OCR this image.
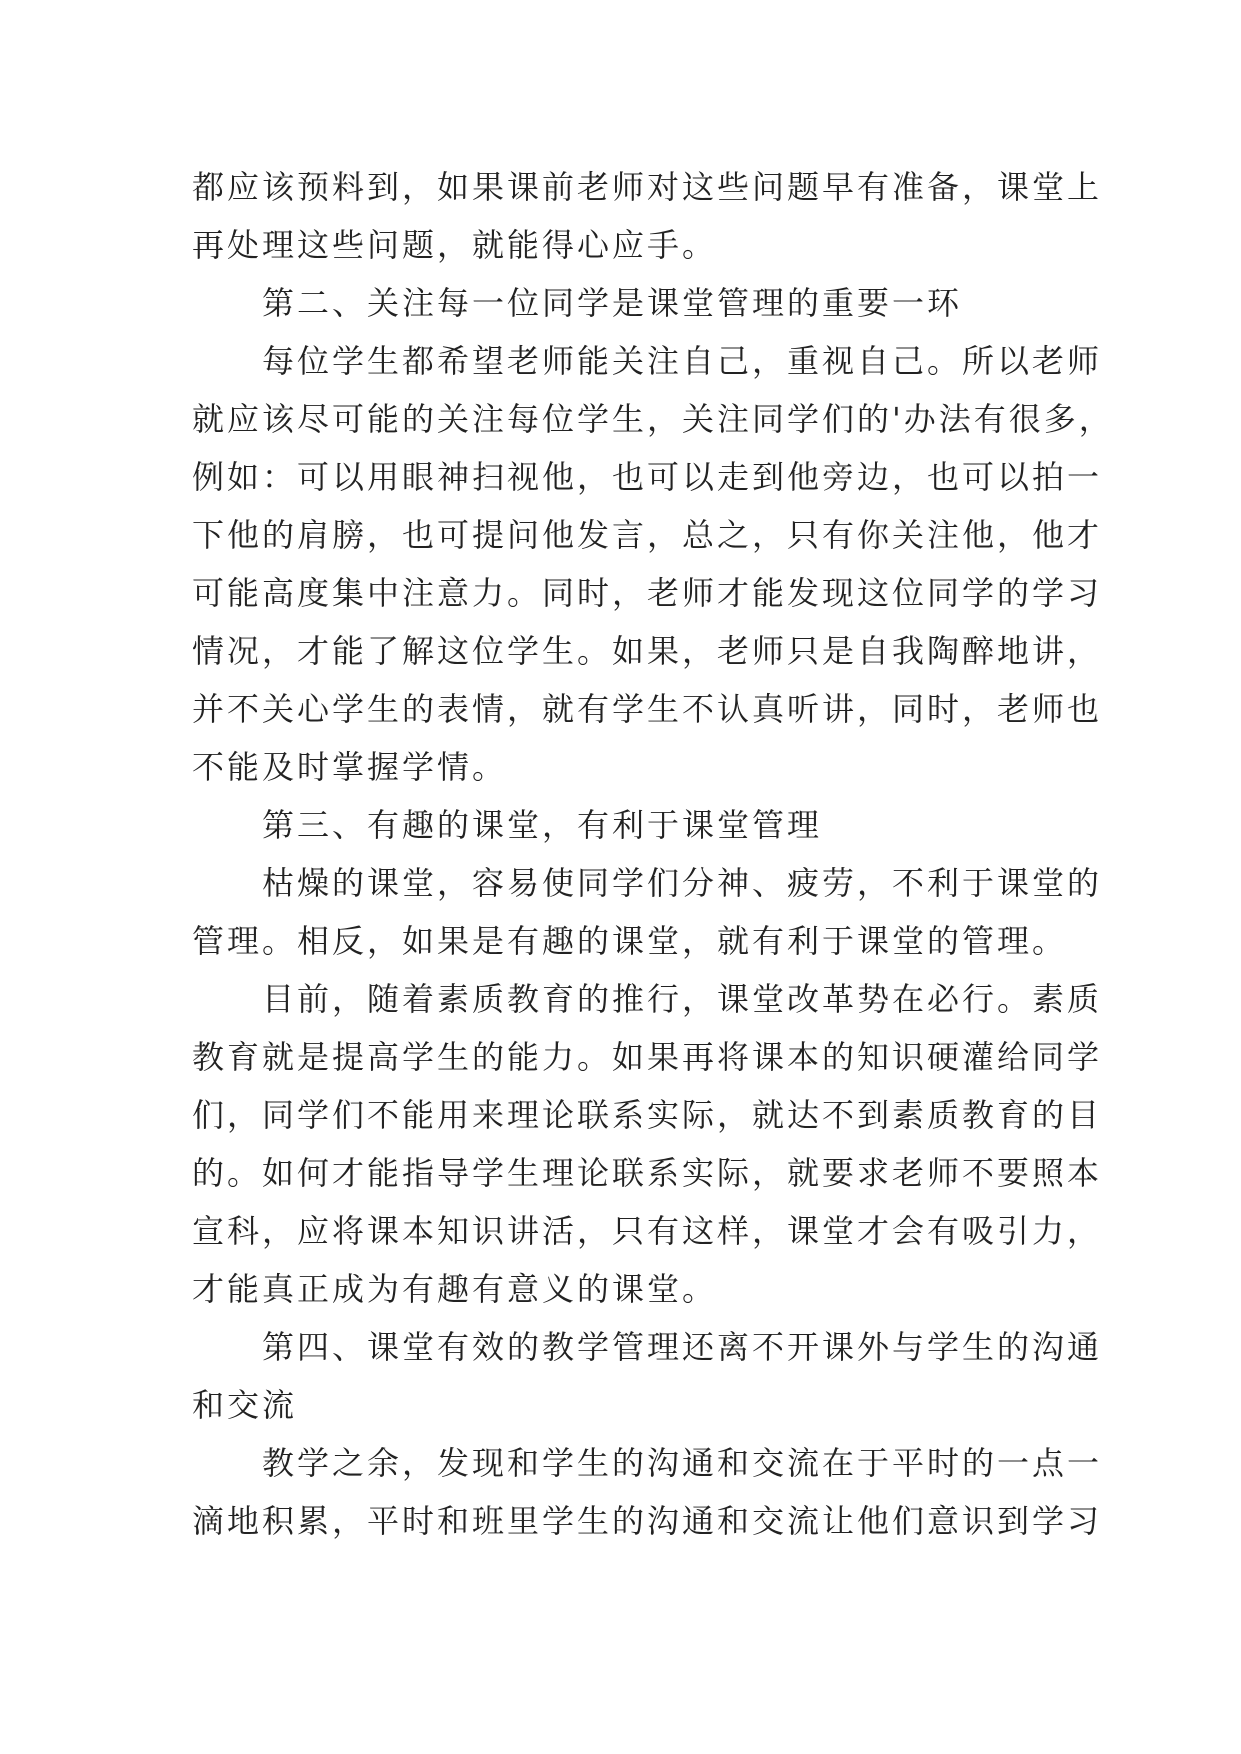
都应该预料到，如果课前老师对这些问题早有准备，课堂上
再处理这些问题，就能得心应手。
第二、关注每一位同学是课堂管理的重要一环
每位学生都希望老师能关注自己，重视自己。所以老师
就应该尽可能的关注每位学生，关注同学们的'办法有很多，
例如：可以用眼神扫视他，也可以走到他旁边，也可以拍一
下他的肩膀，也可提问他发言，总之，只有你关注他，他才
可能高度集中注意力。同时，老师才能发现这位同学的学习
情况，才能了解这位学生。如果，老师只是自我陶醉地讲，
并不关心学生的表情，就有学生不认真听讲，同时，老师也
不能及时掌握学情。
第三、有趣的课堂，有利于课堂管理
枯燥的课堂，容易使同学们分神、疲劳，不利于课堂的
管理。相反，如果是有趣的课堂，就有利于课堂的管理。
目前，随着素质教育的推行，课堂改革势在必行。素质
教育就是提高学生的能力。如果再将课本的知识硬灌给同学
们，同学们不能用来理论联系实际，就达不到素质教育的目
的。如何才能指导学生理论联系实际，就要求老师不要照本
宣科，应将课本知识讲活，只有这样，课堂才会有吸引力，
才能真正成为有趣有意义的课堂。
第四、课堂有效的教学管理还离不开课外与学生的沟通
和交流
教学之余，发现和学生的沟通和交流在于平时的一点一
滴地积累，平时和班里学生的沟通和交流让他们意识到学习
